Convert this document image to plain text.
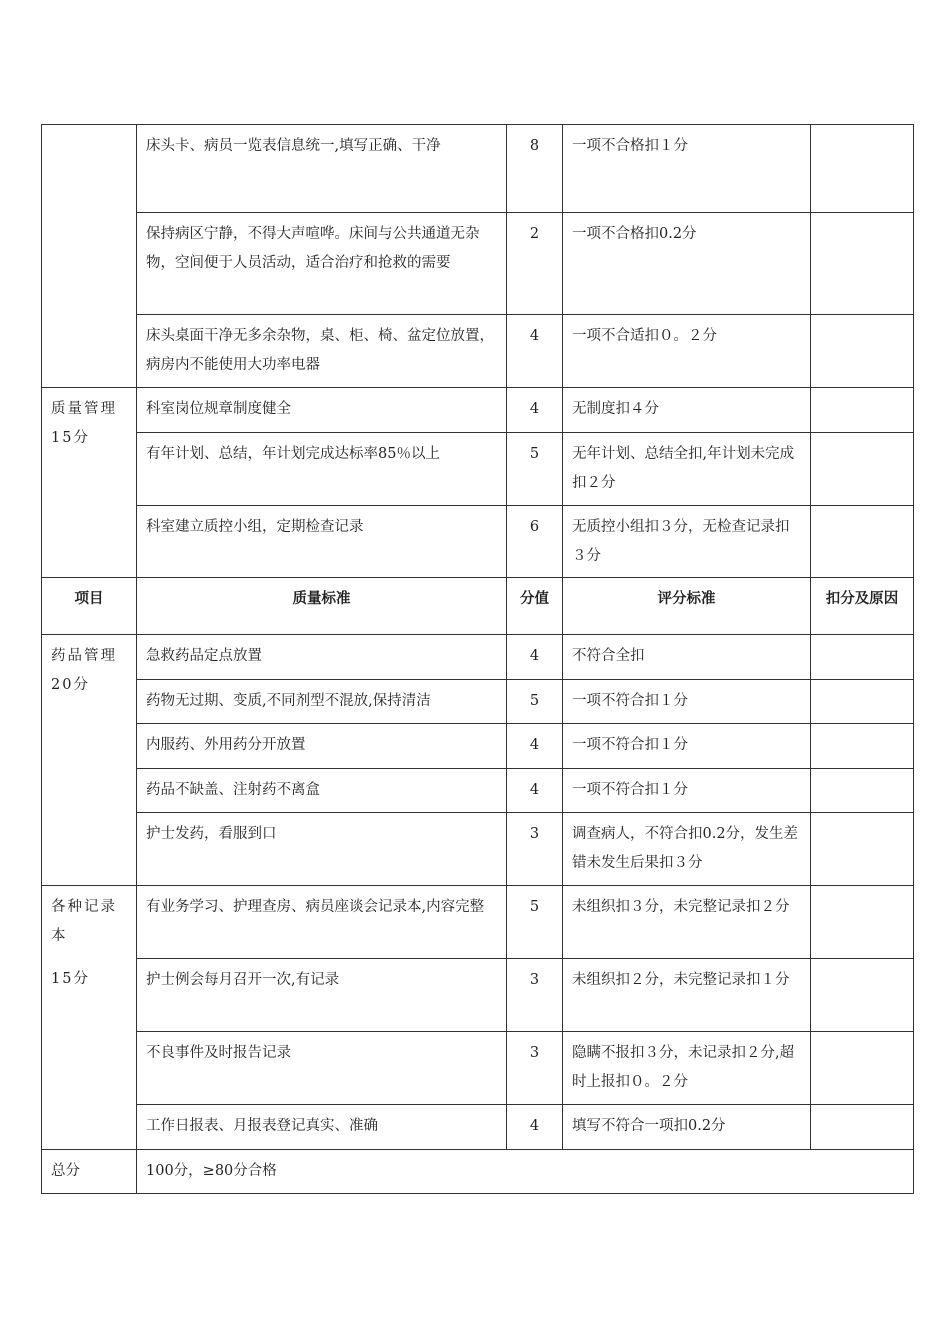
	床头卡、病员一览表信息统一,填写正确、干净	8	一项不合格扣１分	
	保持病区宁静，不得大声喧哗。床间与公共通道无杂物，空间便于人员活动，适合治疗和抢救的需要	2	一项不合格扣0.2分	
	床头桌面干净无多余杂物，桌、柜、椅、盆定位放置，病房内不能使用大功率电器	4	一项不合适扣０。２分	
质量管理15分	科室岗位规章制度健全	4	无制度扣４分	
	有年计划、总结，年计划完成达标率85％以上	5	无年计划、总结全扣,年计划未完成扣２分	
	科室建立质控小组，定期检查记录	6	无质控小组扣３分，无检查记录扣３分	
项目	质量标准	分值	评分标准	扣分及原因
药品管理20分	急救药品定点放置	4	不符合全扣	
	药物无过期、变质,不同剂型不混放,保持清洁	5	一项不符合扣１分	
	内服药、外用药分开放置	4	一项不符合扣１分	
	药品不缺盖、注射药不离盒	4	一项不符合扣１分	
	护士发药，看服到口	3	调查病人，不符合扣0.2分，发生差错未发生后果扣３分	
各种记录本
15分	有业务学习、护理查房、病员座谈会记录本,内容完整	5	未组织扣３分，未完整记录扣２分	
	护士例会每月召开一次,有记录	3	未组织扣２分，未完整记录扣１分	
	不良事件及时报告记录	3	隐瞒不报扣３分，未记录扣２分,超时上报扣０。２分	
	工作日报表、月报表登记真实、准确	4	填写不符合一项扣0.2分	
总分	100分，≥80分合格			
